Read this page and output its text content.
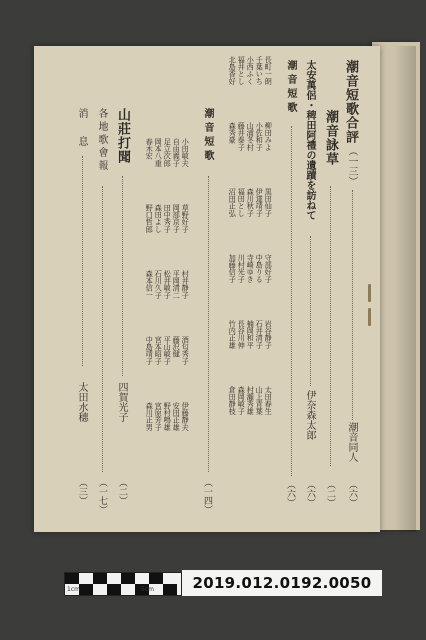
潮音短歌合評
（一三）
潮音同人
（六）
潮音詠草
（二）
太安萬侶・稗田阿禮の遺蹟を訪ねて
伊奈森太郎
（六）
潮音短歌
（六）
長町一朗
千葉いち
小西ふく
福井とし
北島香好
柳田みよ
小佐和子
山浦冬村
藤井泰子
森秀豪
黒田仙子
伊達靖子
森川秋子
福田とし
沼田正弘
守部好子
中島りる
寺崎ゆき
川村光子
加藤信子
岩谷静子
石井清子
楠岡和平
長谷川伸
竹内正雄
太田春生
山上青葉
村瀬秀雄
森岡敏子
倉田静枝
潮音短歌
（一四）
小田敏夫
自由義子
足立次郎
岡本八重
春木宏
草野好子
岡部京子
田中秀子
森田よし
野口哲郎
村井静子
平岡清二
松井敏子
石川久子
森本信一
酒匂秀子
藤沢健
平山敏子
宮本昭子
中島靖子
伊藤静夫
安田正雄
野村鳴雄
宮原芳子
森川正男
山莊打聞
四賀光子
（二）
各地歌會報
（一七）
消息
太田水穗
（三）
1cm	5cm	2019.012.0192.0050
